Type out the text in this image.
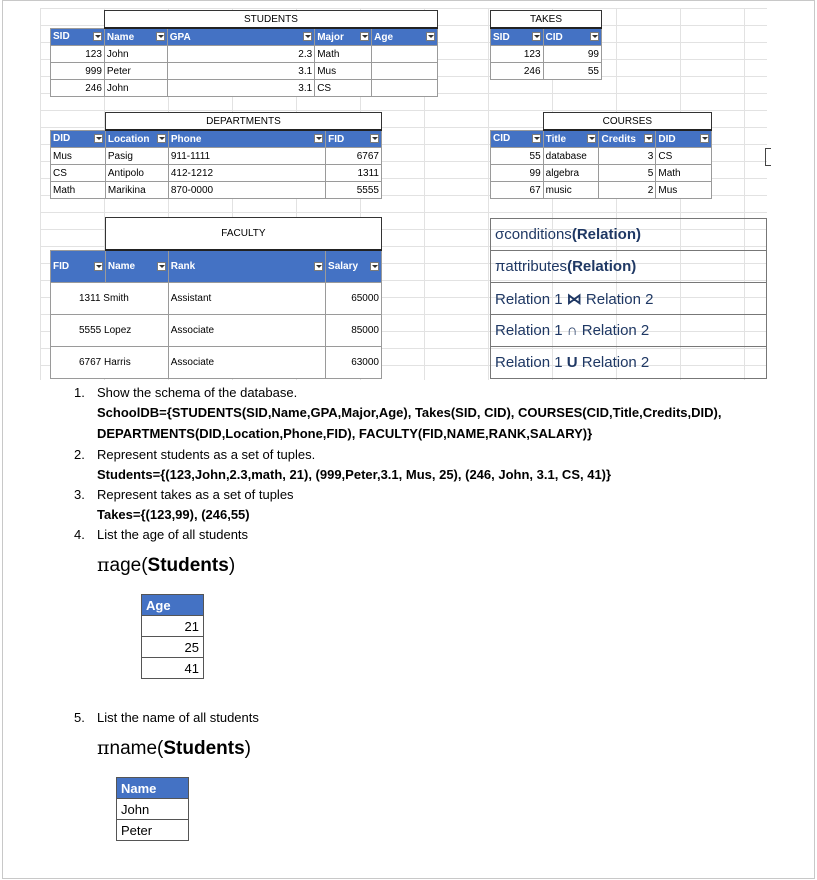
	STUDENTS			
SID	Name	GPA	Major	Age

123	John	2.3	Math	
999	Peter	3.1	Mus	
246	John	3.1	CS	
TAKES	
SID	CID

123	99
246	55
	DEPARTMENTS		
DID	Location	Phone	FID

Mus	Pasig	911-1111	6767
CS	Antipolo	412-1212	1311
Math	Marikina	870-0000	5555
	COURSES		
CID	Title	Credits	DID

55	database	3	CS
99	algebra	5	Math
67	music	2	Mus
	FACULTY		
FID	Name	Rank	Salary

1311 Smith		Assistant	65000
5555 Lopez		Associate	85000
6767 Harris		Associate	63000
σconditions(Relation)
πattributes(Relation)
Relation 1 ⋈ Relation 2
Relation 1 ∩ Relation 2
Relation 1 U Relation 2
1. Show the schema of the database.
SchoolDB={STUDENTS(SID,Name,GPA,Major,Age), Takes(SID, CID), COURSES(CID,Title,Credits,DID),
DEPARTMENTS(DID,Location,Phone,FID), FACULTY(FID,NAME,RANK,SALARY)}
2. Represent students as a set of tuples.
Students={(123,John,2.3,math, 21), (999,Peter,3.1, Mus, 25), (246, John, 3.1, CS, 41)}
3. Represent takes as a set of tuples
Takes={(123,99), (246,55)
4. List the age of all students
πage(Students)
Age
21
25
41
5. List the name of all students
πname(Students)
Name
John
Peter
